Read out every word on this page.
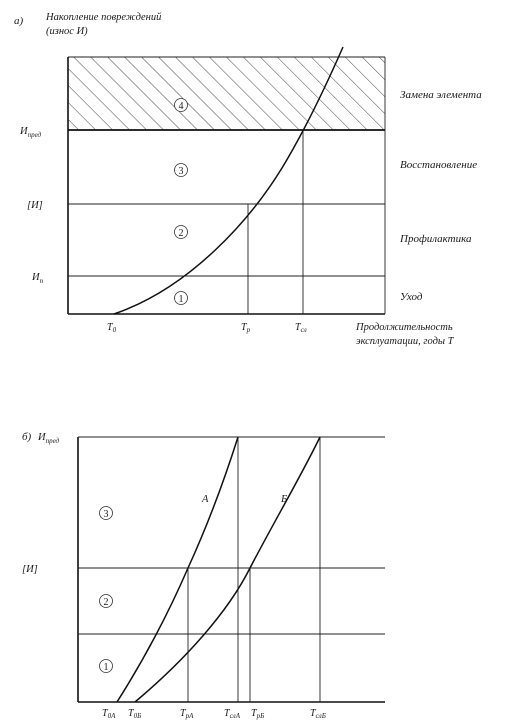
а) Накопление повреждений
(износ И)
$И_{пред}$
[И]
$И_п$
4
3
2
1
Замена элемента
Восстановление
Профилактика
Уход
$T_0$	$T_р$	$T_{сл}$	Продолжительность
эксплуатации, годы Т
б) $И_{пред}$
[И]
А	Б
3
2
1
$T_{0А}$ $T_{0Б}$	$T_{рА}$	$T_{слА}$ $T_{рБ}$	$T_{слБ}$
